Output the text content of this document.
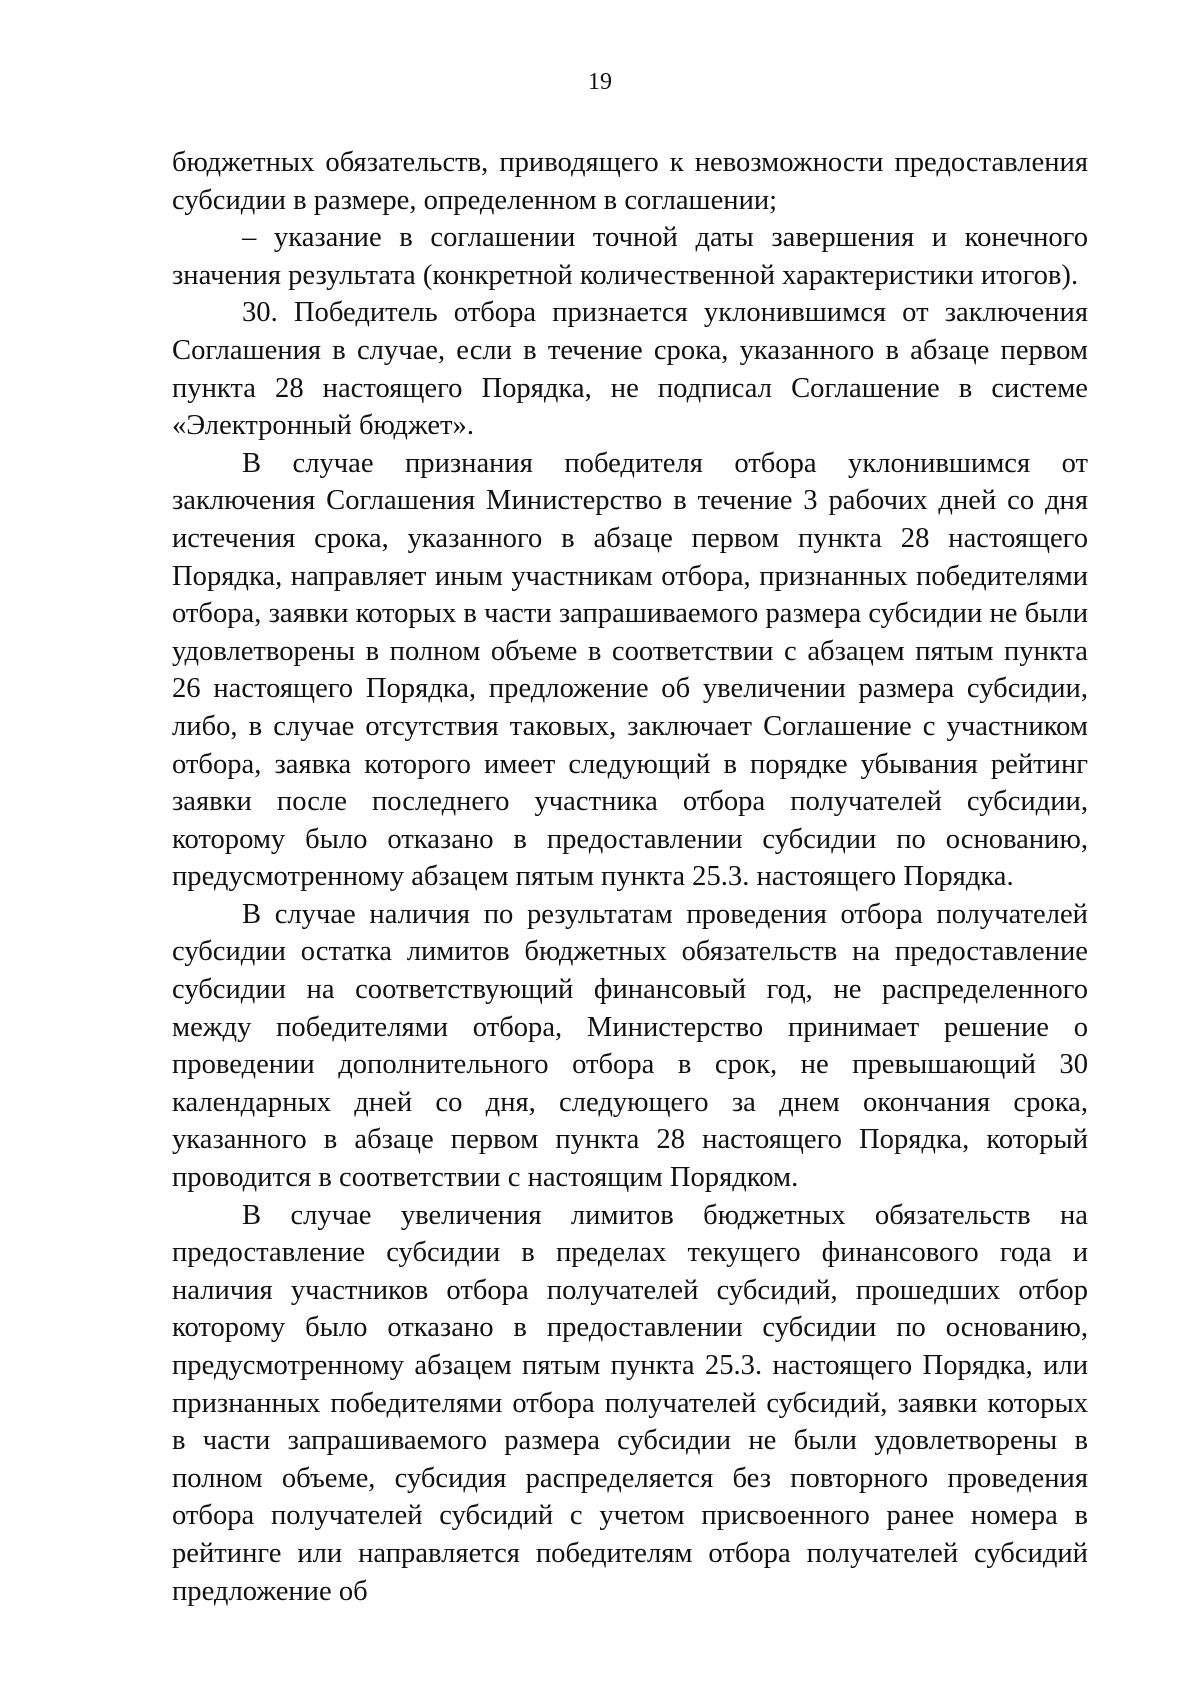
19

бюджетных обязательств, приводящего к невозможности предоставления субсидии в размере, определенном в соглашении;

– указание в соглашении точной даты завершения и конечного значения результата (конкретной количественной характеристики итогов).

30. Победитель отбора признается уклонившимся от заключения Соглашения в случае, если в течение срока, указанного в абзаце первом пункта 28 настоящего Порядка, не подписал Соглашение в системе «Электронный бюджет».

В случае признания победителя отбора уклонившимся от заключения Соглашения Министерство в течение 3 рабочих дней со дня истечения срока, указанного в абзаце первом пункта 28 настоящего Порядка, направляет иным участникам отбора, признанных победителями отбора, заявки которых в части запрашиваемого размера субсидии не были удовлетворены в полном объеме в соответствии с абзацем пятым пункта 26 настоящего Порядка, предложение об увеличении размера субсидии, либо, в случае отсутствия таковых, заключает Соглашение с участником отбора, заявка которого имеет следующий в порядке убывания рейтинг заявки после последнего участника отбора получателей субсидии, которому было отказано в предоставлении субсидии по основанию, предусмотренному абзацем пятым пункта 25.3. настоящего Порядка.

В случае наличия по результатам проведения отбора получателей субсидии остатка лимитов бюджетных обязательств на предоставление субсидии на соответствующий финансовый год, не распределенного между победителями отбора, Министерство принимает решение о проведении дополнительного отбора в срок, не превышающий 30 календарных дней со дня, следующего за днем окончания срока, указанного в абзаце первом пункта 28 настоящего Порядка, который проводится в соответствии с настоящим Порядком.

В случае увеличения лимитов бюджетных обязательств на предоставление субсидии в пределах текущего финансового года и наличия участников отбора получателей субсидий, прошедших отбор которому было отказано в предоставлении субсидии по основанию, предусмотренному абзацем пятым пункта 25.3. настоящего Порядка, или признанных победителями отбора получателей субсидий, заявки которых в части запрашиваемого размера субсидии не были удовлетворены в полном объеме, субсидия распределяется без повторного проведения отбора получателей субсидий с учетом присвоенного ранее номера в рейтинге или направляется победителям отбора получателей субсидий предложение об
